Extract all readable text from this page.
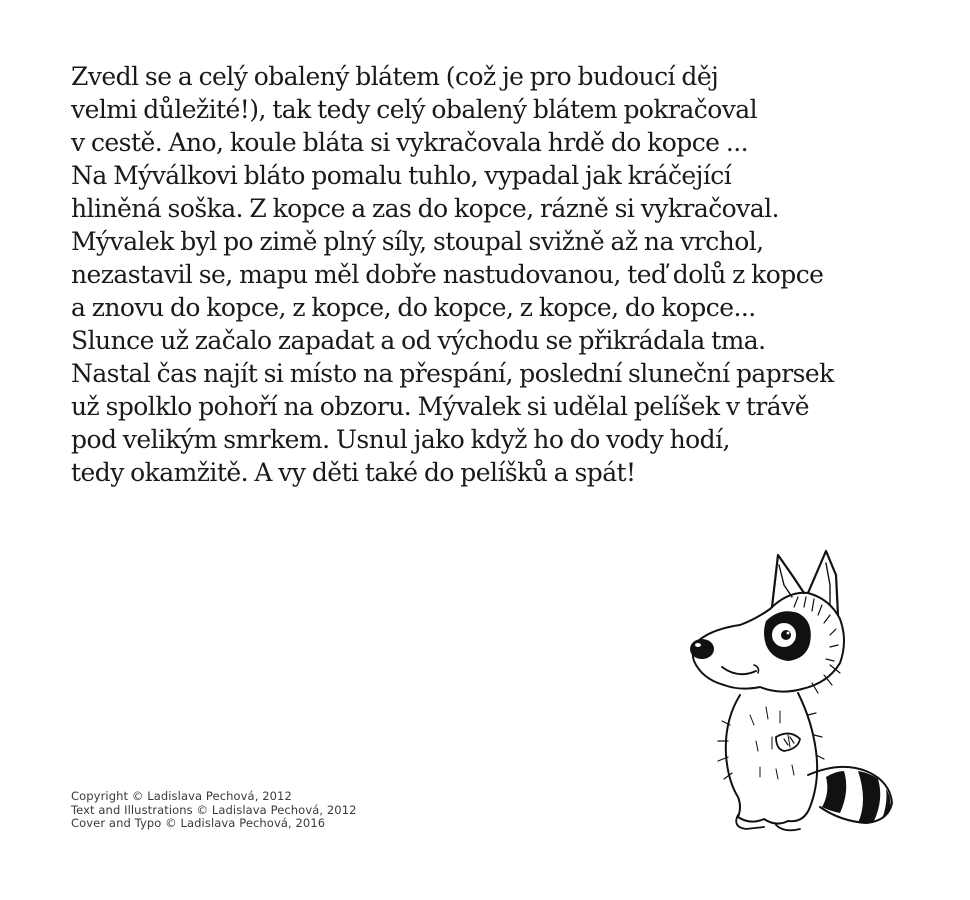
Zvedl se a celý obalený blátem (což je pro budoucí děj
velmi důležité!), tak tedy celý obalený blátem pokračoval
v cestě. Ano, koule bláta si vykračovala hrdě do kopce ...
Na Mýválkovi bláto pomalu tuhlo, vypadal jak kráčející
hliněná soška. Z kopce a zas do kopce, rázně si vykračoval.
Mývalek byl po zimě plný síly, stoupal svižně až na vrchol,
nezastavil se, mapu měl dobře nastudovanou, teď dolů z kopce
a znovu do kopce, z kopce, do kopce, z kopce, do kopce...
Slunce už začalo zapadat a od východu se přikrádala tma.
Nastal čas najít si místo na přespání, poslední sluneční paprsek
už spolklo pohoří na obzoru. Mývalek si udělal pelíšek v trávě
pod velikým smrkem. Usnul jako když ho do vody hodí,
tedy okamžitě. A vy děti také do pelíšků a spát!
Copyright © Ladislava Pechová, 2012
Text and Illustrations © Ladislava Pechová, 2012
Cover and Typo © Ladislava Pechová, 2016
